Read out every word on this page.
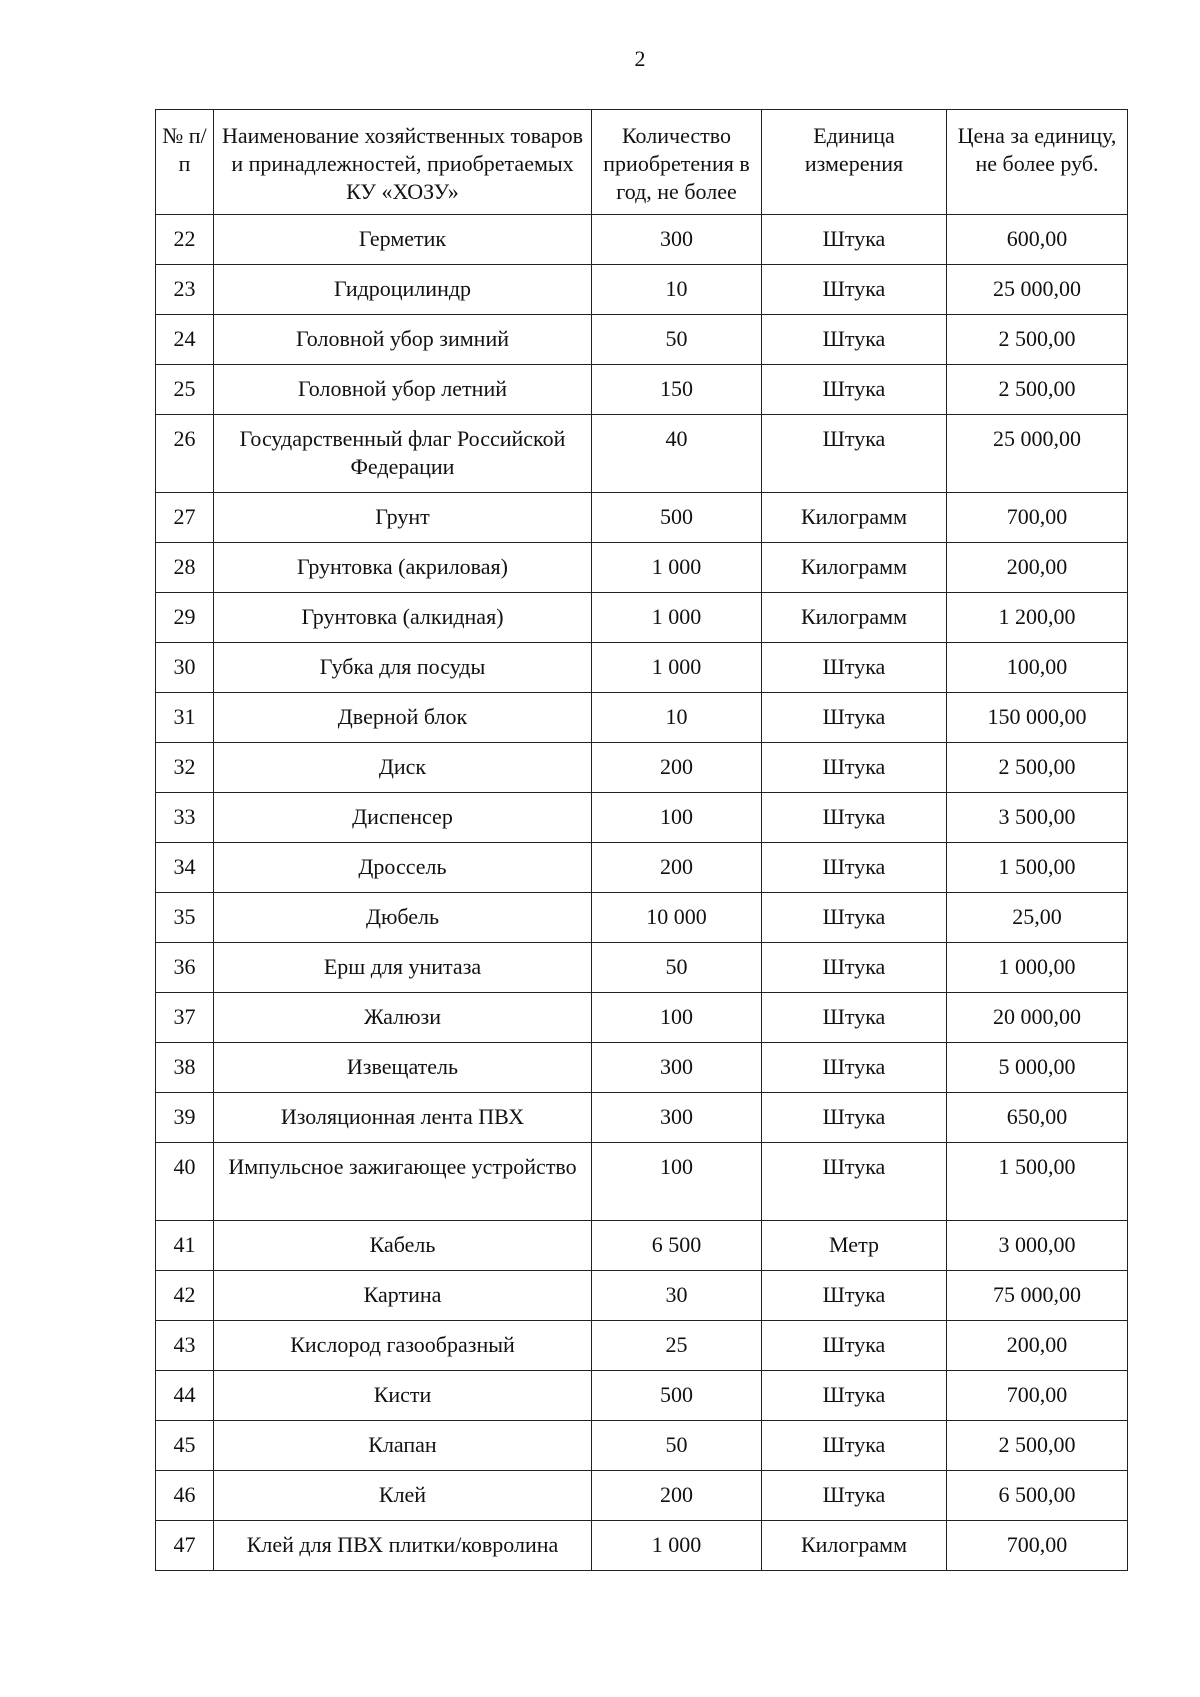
2
№ п/п	Наименование хозяйственных товаров и принадлежностей, приобретаемых КУ «ХОЗУ»	Количество приобретения в год, не более	Единица измерения	Цена за единицу, не более руб.
22	Герметик	300	Штука	600,00
23	Гидроцилиндр	10	Штука	25 000,00
24	Головной убор зимний	50	Штука	2 500,00
25	Головной убор летний	150	Штука	2 500,00
26	Государственный флаг Российской Федерации	40	Штука	25 000,00
27	Грунт	500	Килограмм	700,00
28	Грунтовка (акриловая)	1 000	Килограмм	200,00
29	Грунтовка (алкидная)	1 000	Килограмм	1 200,00
30	Губка для посуды	1 000	Штука	100,00
31	Дверной блок	10	Штука	150 000,00
32	Диск	200	Штука	2 500,00
33	Диспенсер	100	Штука	3 500,00
34	Дроссель	200	Штука	1 500,00
35	Дюбель	10 000	Штука	25,00
36	Ерш для унитаза	50	Штука	1 000,00
37	Жалюзи	100	Штука	20 000,00
38	Извещатель	300	Штука	5 000,00
39	Изоляционная лента ПВХ	300	Штука	650,00
40	Импульсное зажигающее устройство	100	Штука	1 500,00
41	Кабель	6 500	Метр	3 000,00
42	Картина	30	Штука	75 000,00
43	Кислород газообразный	25	Штука	200,00
44	Кисти	500	Штука	700,00
45	Клапан	50	Штука	2 500,00
46	Клей	200	Штука	6 500,00
47	Клей для ПВХ плитки/ковролина	1 000	Килограмм	700,00
